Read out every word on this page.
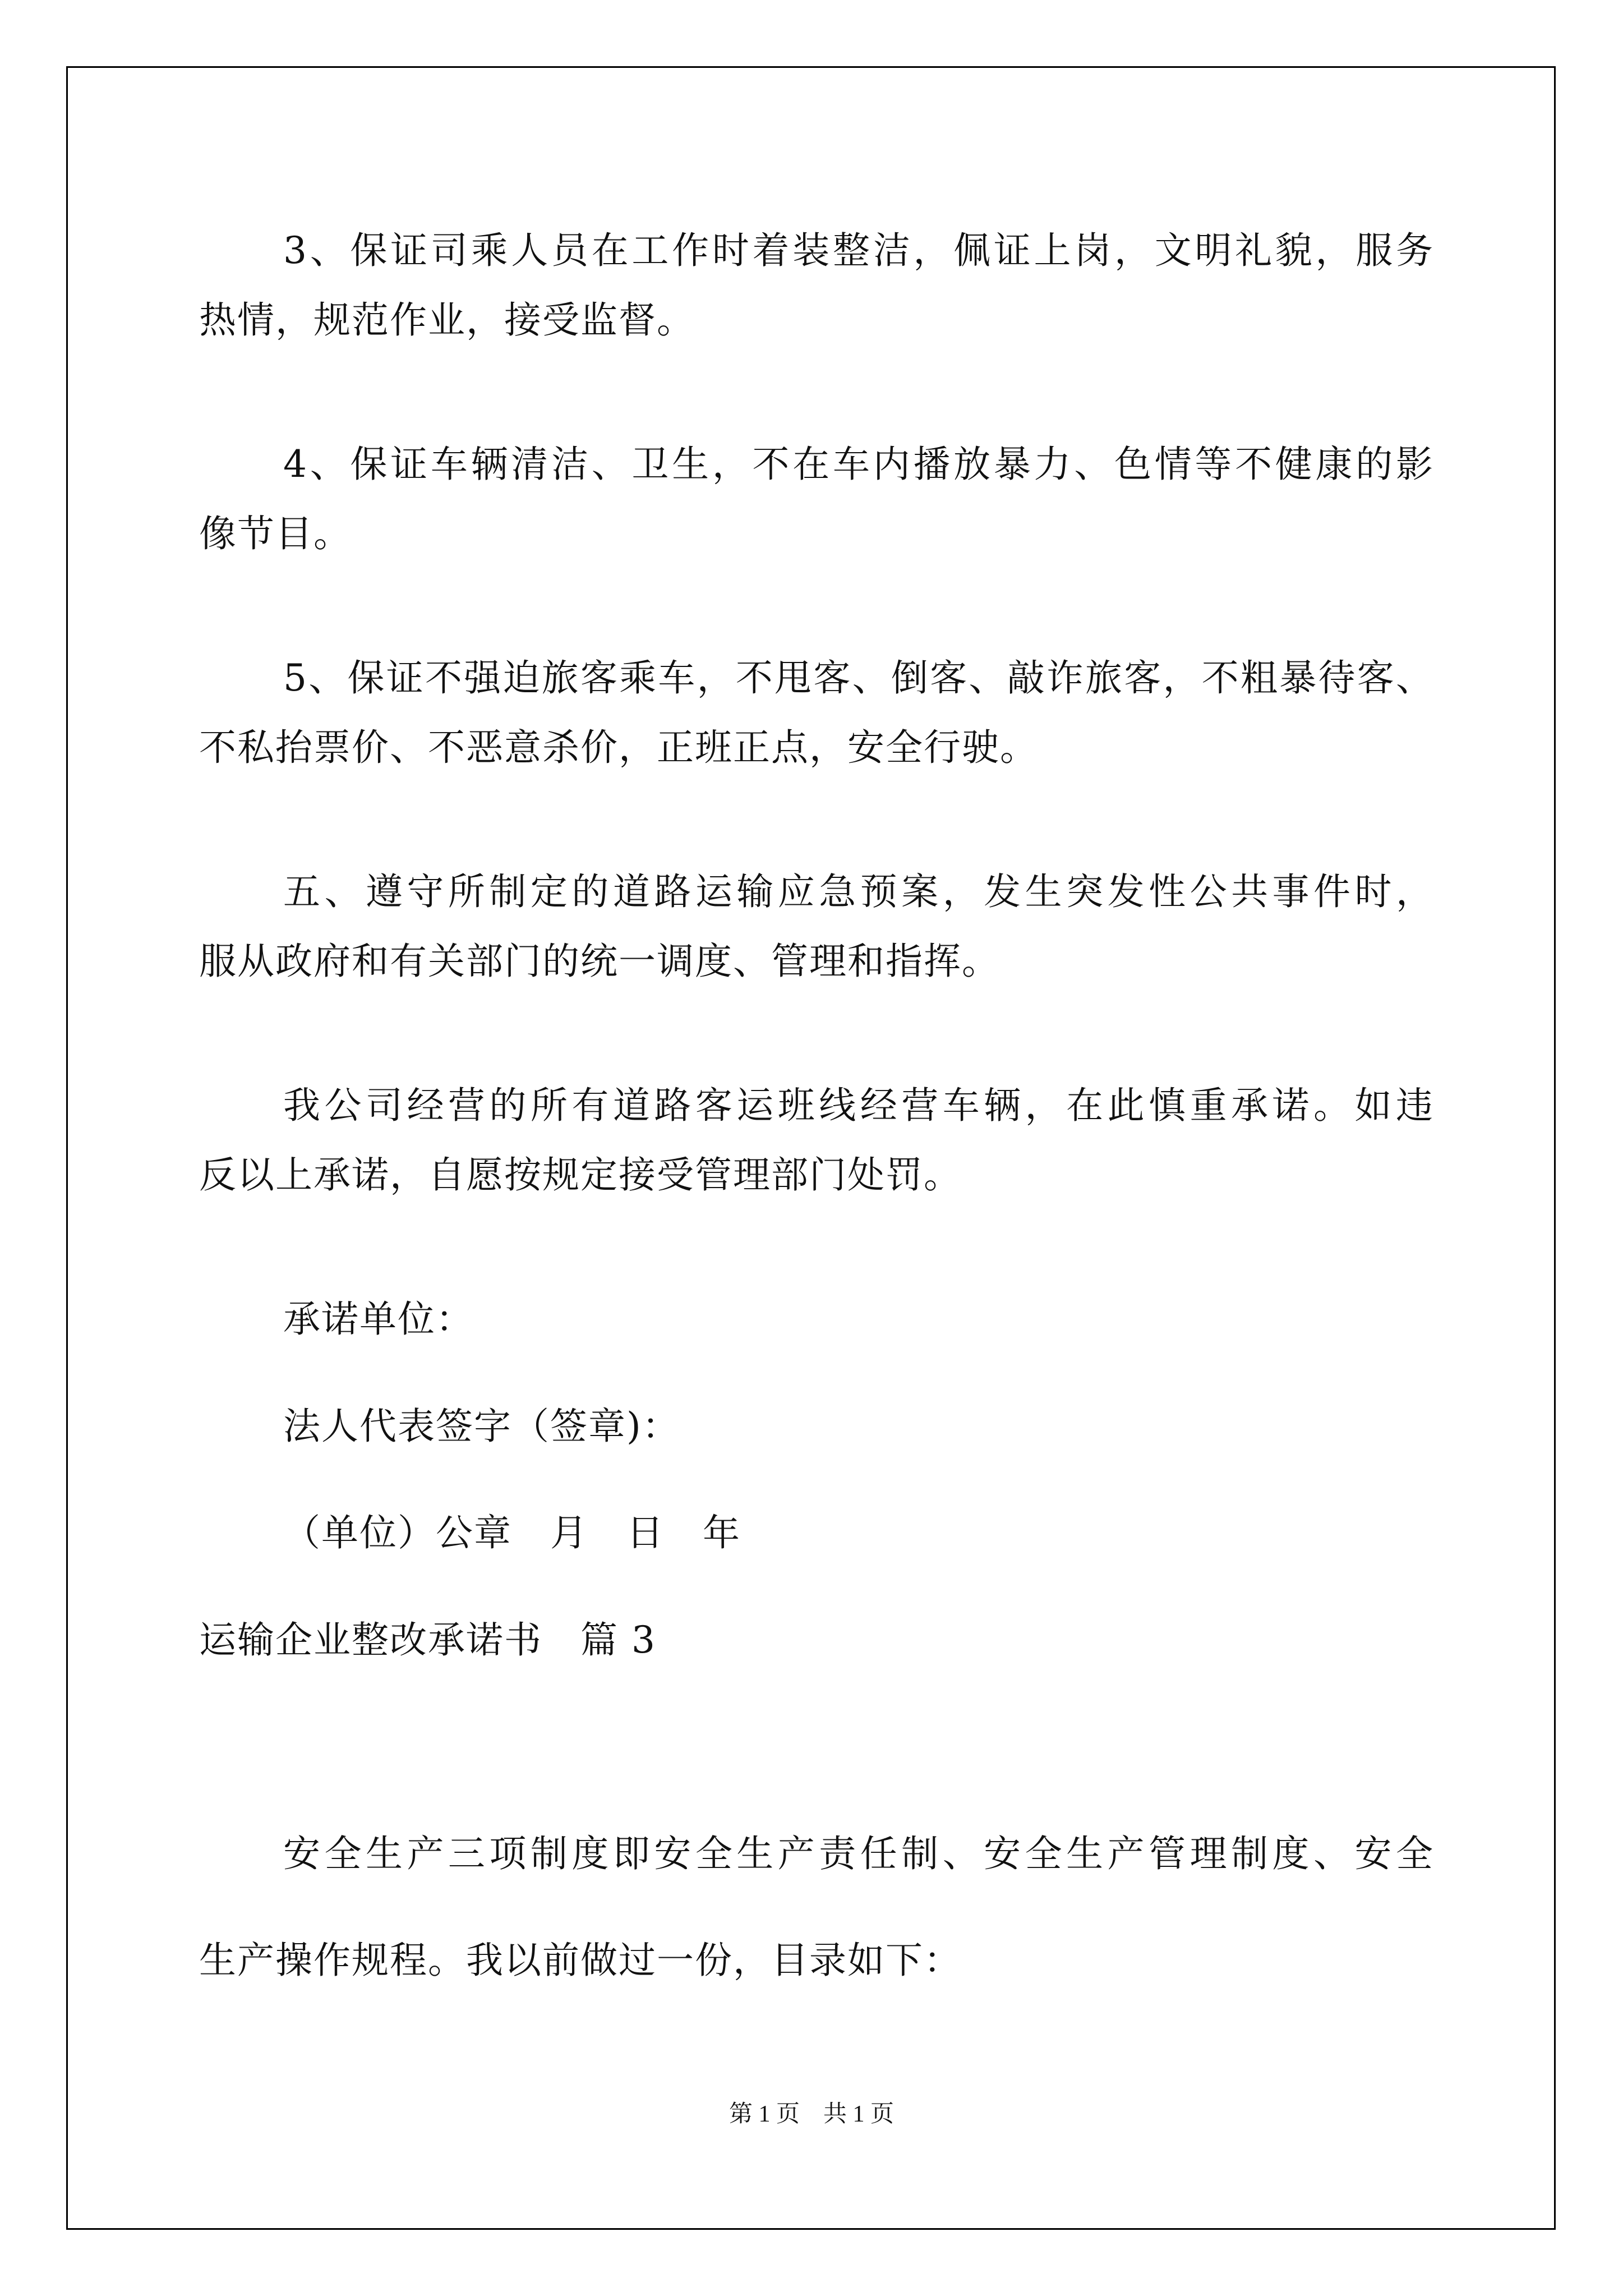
3、保证司乘人员在工作时着装整洁，佩证上岗，文明礼貌，服务
热情，规范作业，接受监督。
4、保证车辆清洁、卫生，不在车内播放暴力、色情等不健康的影
像节目。
5、保证不强迫旅客乘车，不甩客、倒客、敲诈旅客，不粗暴待客、
不私抬票价、不恶意杀价，正班正点，安全行驶。
五、遵守所制定的道路运输应急预案，发生突发性公共事件时，
服从政府和有关部门的统一调度、管理和指挥。
我公司经营的所有道路客运班线经营车辆，在此慎重承诺。如违
反以上承诺，自愿按规定接受管理部门处罚。
承诺单位：
法人代表签字（签章)：
（单位）公章　月　日　年
运输企业整改承诺书　篇 3
安全生产三项制度即安全生产责任制、安全生产管理制度、安全
生产操作规程。我以前做过一份，目录如下：
第 1 页　共 1 页
